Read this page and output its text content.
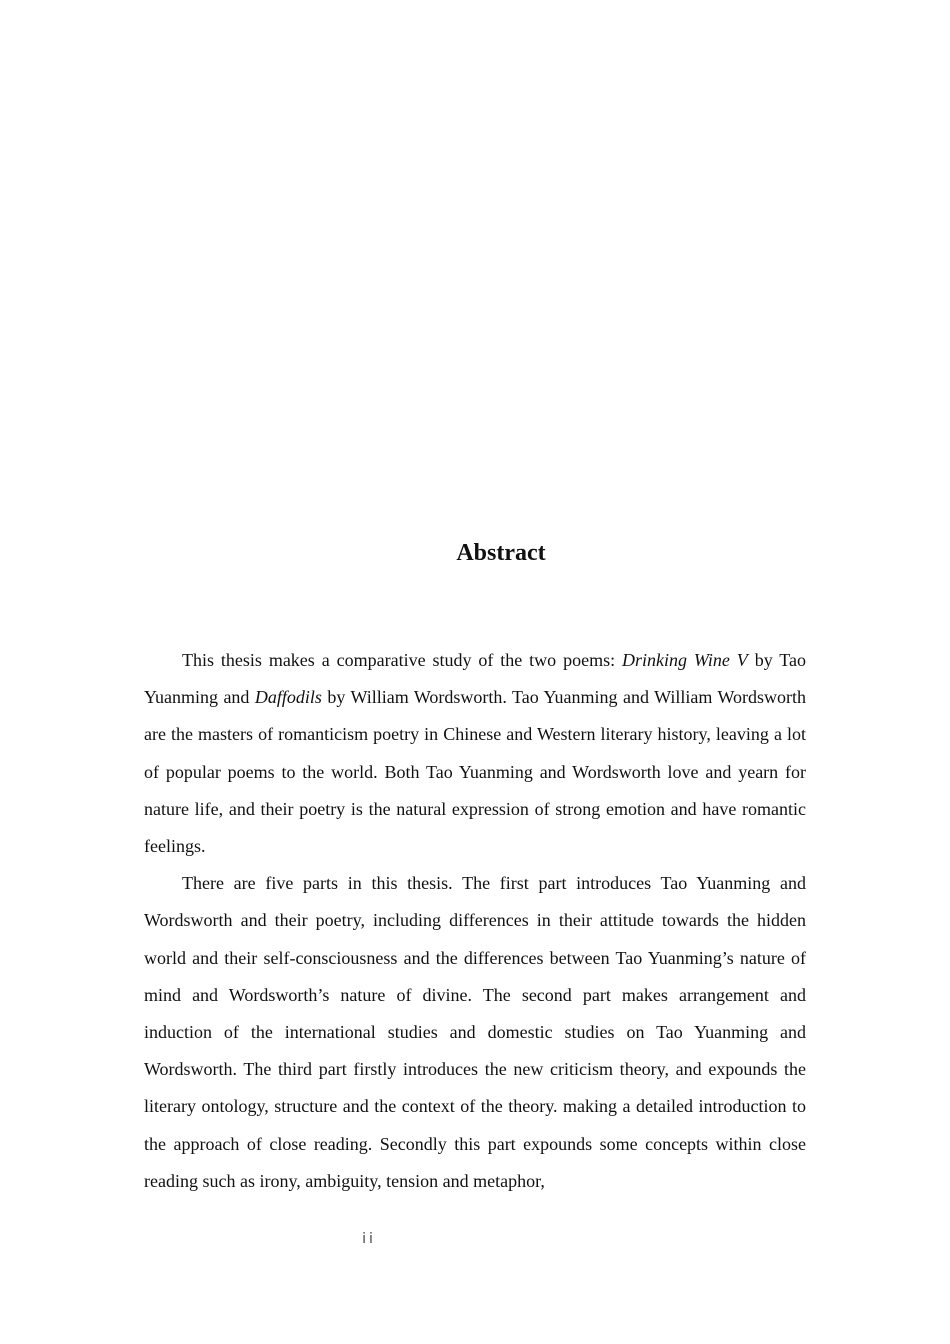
Abstract

This thesis makes a comparative study of the two poems: Drinking Wine V by Tao Yuanming and Daffodils by William Wordsworth. Tao Yuanming and William Wordsworth are the masters of romanticism poetry in Chinese and Western literary history, leaving a lot of popular poems to the world. Both Tao Yuanming and Wordsworth love and yearn for nature life, and their poetry is the natural expression of strong emotion and have romantic feelings.

There are five parts in this thesis. The first part introduces Tao Yuanming and Wordsworth and their poetry, including differences in their attitude towards the hidden world and their self-consciousness and the differences between Tao Yuanming’s nature of mind and Wordsworth’s nature of divine. The second part makes arrangement and induction of the international studies and domestic studies on Tao Yuanming and Wordsworth. The third part firstly introduces the new criticism theory, and expounds the literary ontology, structure and the context of the theory. making a detailed introduction to the approach of close reading. Secondly this part expounds some concepts within close reading such as irony, ambiguity, tension and metaphor,

ii
